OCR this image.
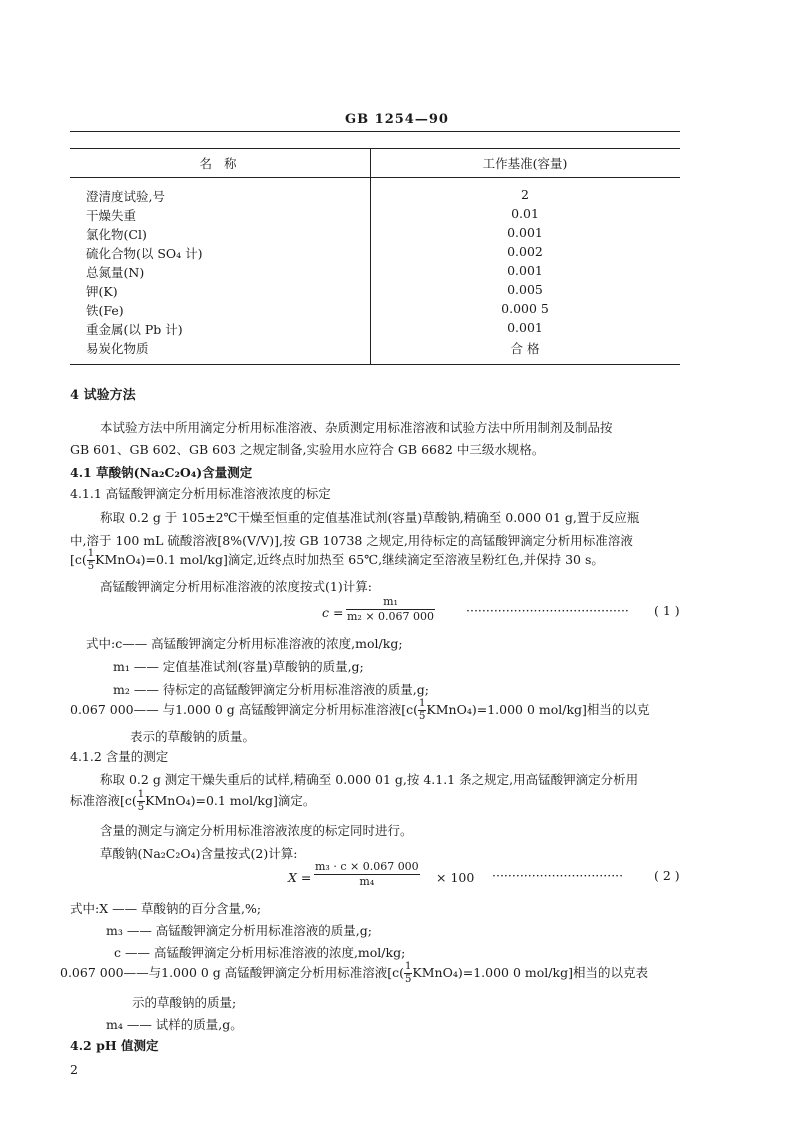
GB 1254—90
名 称	工作基准(容量)
澄清度试验,号	2
干燥失重	0.01
氯化物(Cl)	0.001
硫化合物(以 SO₄ 计)	0.002
总氮量(N)	0.001
钾(K)	0.005
铁(Fe)	0.000 5
重金属(以 Pb 计)	0.001
易炭化物质	合 格
4 试验方法
本试验方法中所用滴定分析用标准溶液、杂质测定用标准溶液和试验方法中所用制剂及制品按
GB 601、GB 602、GB 603 之规定制备,实验用水应符合 GB 6682 中三级水规格。
4.1 草酸钠(Na₂C₂O₄)含量测定
4.1.1 高锰酸钾滴定分析用标准溶液浓度的标定
称取 0.2 g 于 105±2℃干燥至恒重的定值基准试剂(容量)草酸钠,精确至 0.000 01 g,置于反应瓶
中,溶于 100 mL 硫酸溶液[8%(V/V)],按 GB 10738 之规定,用待标定的高锰酸钾滴定分析用标准溶液
[$c( \frac{1}{5}$ KMnO₄)=0.1 mol/kg]滴定,近终点时加热至 65℃,继续滴定至溶液呈粉红色,并保持 30 s。
高锰酸钾滴定分析用标准溶液的浓度按式(1)计算:
$c = \frac{\text{m₁}}{\text{m₂ × 0.067 000}}$ ········································· ( 1 )
式中:c—— 高锰酸钾滴定分析用标准溶液的浓度,mol/kg;
m₁ —— 定值基准试剂(容量)草酸钠的质量,g;
m₂ —— 待标定的高锰酸钾滴定分析用标准溶液的质量,g;
0.067 000—— 与1.000 0 g 高锰酸钾滴定分析用标准溶液[$c( \frac{1}{5}$ KMnO₄)=1.000 0 mol/kg]相当的以克
表示的草酸钠的质量。
4.1.2 含量的测定
称取 0.2 g 测定干燥失重后的试样,精确至 0.000 01 g,按 4.1.1 条之规定,用高锰酸钾滴定分析用
标准溶液[$c( \frac{1}{5}$ KMnO₄)=0.1 mol/kg]滴定。
含量的测定与滴定分析用标准溶液浓度的标定同时进行。
草酸钠(Na₂C₂O₄)含量按式(2)计算:
$X = \frac{\text{m₃ · c × 0.067 000}}{\text{m₄}} \times 100$ ································· ( 2 )
式中:X —— 草酸钠的百分含量,%;
m₃ —— 高锰酸钾滴定分析用标准溶液的质量,g;
c —— 高锰酸钾滴定分析用标准溶液的浓度,mol/kg;
0.067 000——与1.000 0 g 高锰酸钾滴定分析用标准溶液[$c( \frac{1}{5}$ KMnO₄)=1.000 0 mol/kg]相当的以克表
示的草酸钠的质量;
m₄ —— 试样的质量,g。
4.2 pH 值测定
2
